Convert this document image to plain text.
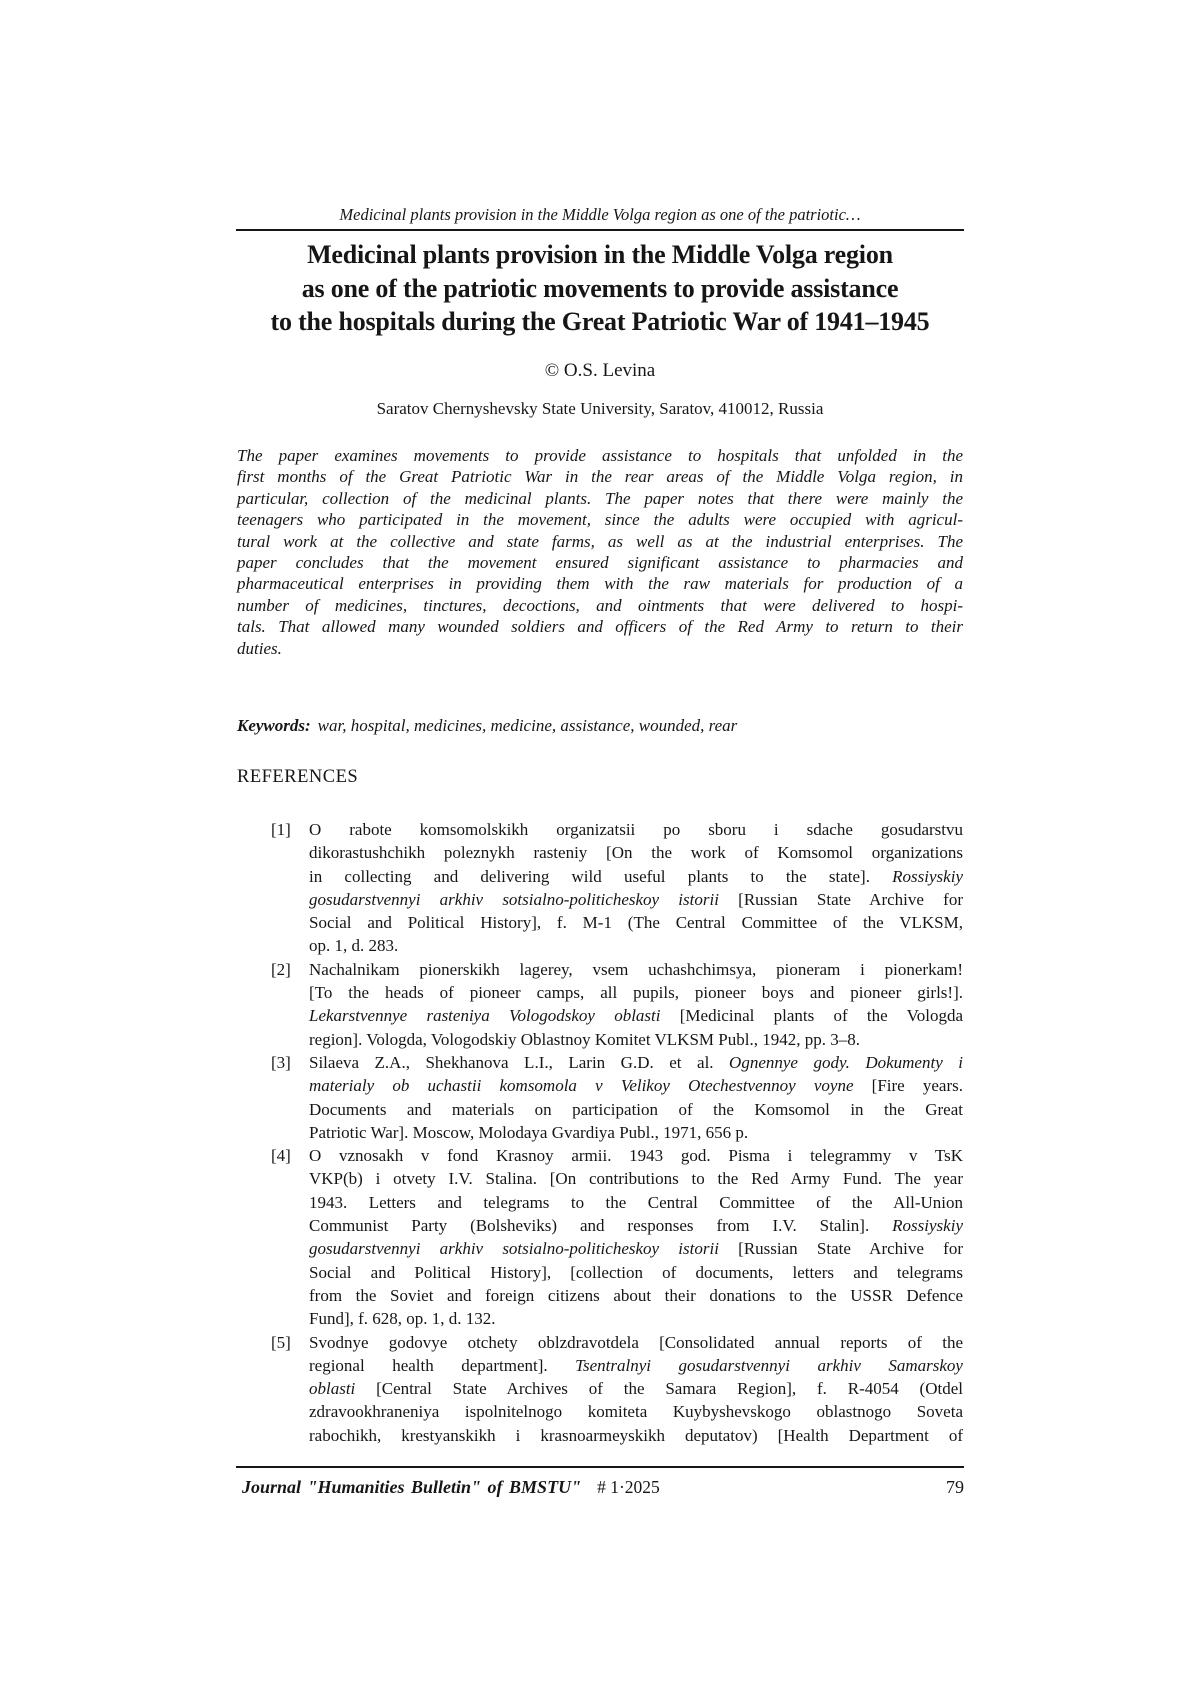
Medicinal plants provision in the Middle Volga region as one of the patriotic…
Medicinal plants provision in the Middle Volga region
as one of the patriotic movements to provide assistance
to the hospitals during the Great Patriotic War of 1941–1945
© O.S. Levina
Saratov Chernyshevsky State University, Saratov, 410012, Russia
The paper examines movements to provide assistance to hospitals that unfolded in the
first months of the Great Patriotic War in the rear areas of the Middle Volga region, in
particular, collection of the medicinal plants. The paper notes that there were mainly the
teenagers who participated in the movement, since the adults were occupied with agricul-
tural work at the collective and state farms, as well as at the industrial enterprises. The
paper concludes that the movement ensured significant assistance to pharmacies and
pharmaceutical enterprises in providing them with the raw materials for production of a
number of medicines, tinctures, decoctions, and ointments that were delivered to hospi-
tals. That allowed many wounded soldiers and officers of the Red Army to return to their
duties.
Keywords: war, hospital, medicines, medicine, assistance, wounded, rear
REFERENCES
[1] O rabote komsomolskikh organizatsii po sboru i sdache gosudarstvu
dikorastushchikh poleznykh rasteniy [On the work of Komsomol organizations
in collecting and delivering wild useful plants to the state]. Rossiyskiy
gosudarstvennyi arkhiv sotsialno-politicheskoy istorii [Russian State Archive for
Social and Political History], f. M-1 (The Central Committee of the VLKSM,
op. 1, d. 283.
[2] Nachalnikam pionerskikh lagerey, vsem uchashchimsya, pioneram i pionerkam!
[To the heads of pioneer camps, all pupils, pioneer boys and pioneer girls!].
Lekarstvennye rasteniya Vologodskoy oblasti [Medicinal plants of the Vologda
region]. Vologda, Vologodskiy Oblastnoy Komitet VLKSM Publ., 1942, pp. 3–8.
[3] Silaeva Z.A., Shekhanova L.I., Larin G.D. et al. Ognennye gody. Dokumenty i
materialy ob uchastii komsomola v Velikoy Otechestvennoy voyne [Fire years.
Documents and materials on participation of the Komsomol in the Great
Patriotic War]. Moscow, Molodaya Gvardiya Publ., 1971, 656 p.
[4] O vznosakh v fond Krasnoy armii. 1943 god. Pisma i telegrammy v TsK
VKP(b) i otvety I.V. Stalina. [On contributions to the Red Army Fund. The year
1943. Letters and telegrams to the Central Committee of the All-Union
Communist Party (Bolsheviks) and responses from I.V. Stalin]. Rossiyskiy
gosudarstvennyi arkhiv sotsialno-politicheskoy istorii [Russian State Archive for
Social and Political History], [collection of documents, letters and telegrams
from the Soviet and foreign citizens about their donations to the USSR Defence
Fund], f. 628, op. 1, d. 132.
[5] Svodnye godovye otchety oblzdravotdela [Consolidated annual reports of the
regional health department]. Tsentralnyi gosudarstvennyi arkhiv Samarskoy
oblasti [Central State Archives of the Samara Region], f. R-4054 (Otdel
zdravookhraneniya ispolnitelnogo komiteta Kuybyshevskogo oblastnogo Soveta
rabochikh, krestyanskikh i krasnoarmeyskikh deputatov) [Health Department of
Journal "Humanities Bulletin" of BMSTU" # 1·2025	79
